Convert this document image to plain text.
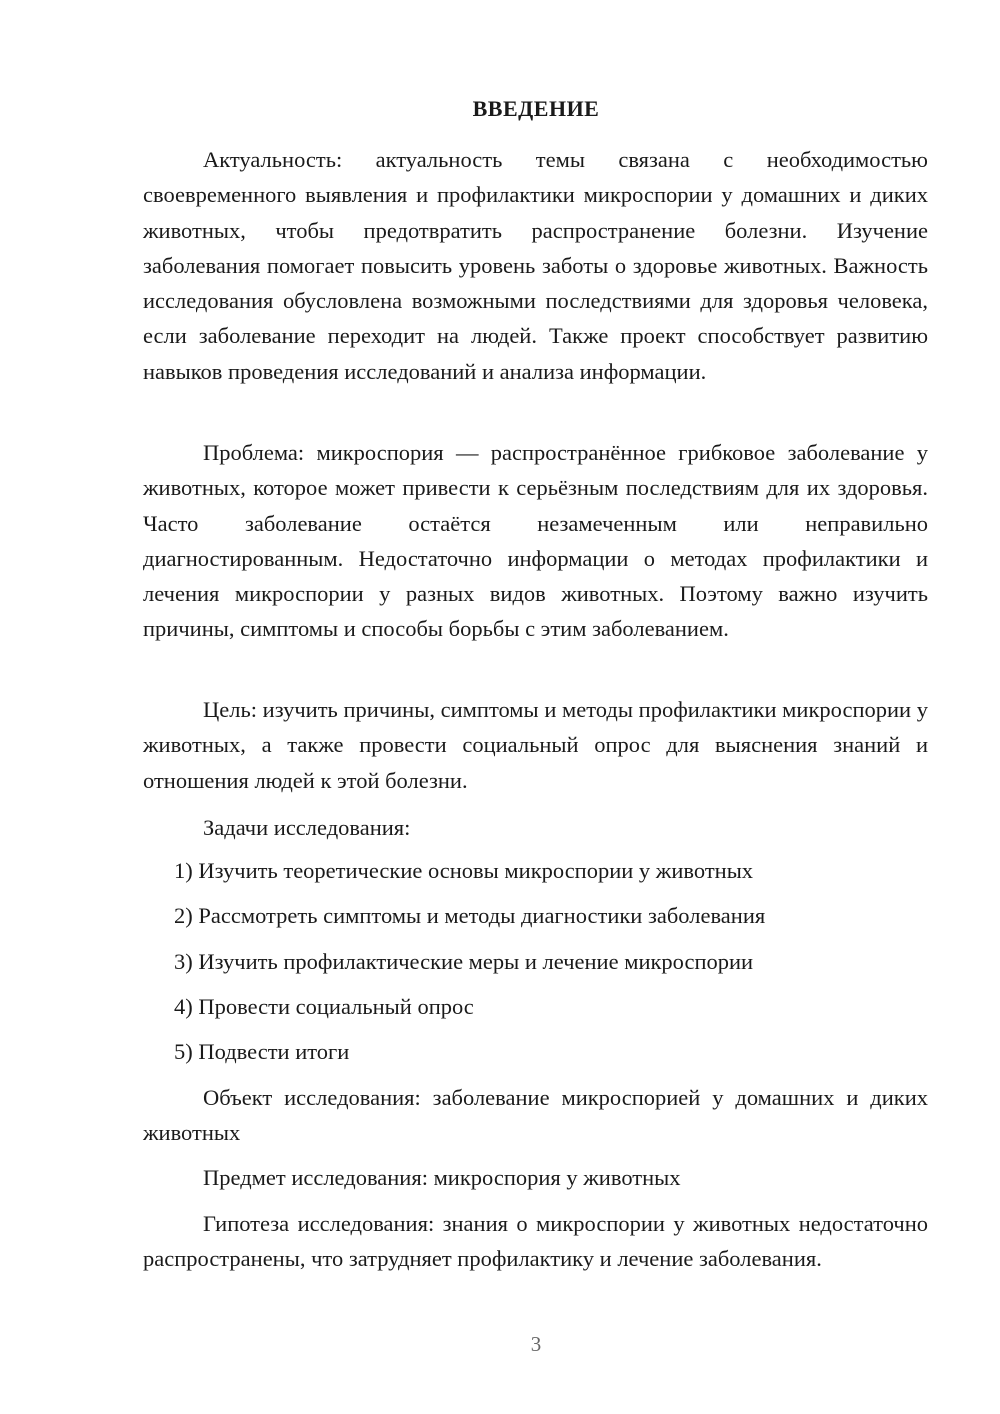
ВВЕДЕНИЕ

Актуальность: актуальность темы связана с необходимостью своевременного выявления и профилактики микроспории у домашних и диких животных, чтобы предотвратить распространение болезни. Изучение заболевания помогает повысить уровень заботы о здоровье животных. Важность исследования обусловлена возможными последствиями для здоровья человека, если заболевание переходит на людей. Также проект способствует развитию навыков проведения исследований и анализа информации.

Проблема: микроспория — распространённое грибковое заболевание у животных, которое может привести к серьёзным последствиям для их здоровья. Часто заболевание остаётся незамеченным или неправильно диагностированным. Недостаточно информации о методах профилактики и лечения микроспории у разных видов животных. Поэтому важно изучить причины, симптомы и способы борьбы с этим заболеванием.

Цель: изучить причины, симптомы и методы профилактики микроспории у животных, а также провести социальный опрос для выяснения знаний и отношения людей к этой болезни.

Задачи исследования:
1) Изучить теоретические основы микроспории у животных
2) Рассмотреть симптомы и методы диагностики заболевания
3) Изучить профилактические меры и лечение микроспории
4) Провести социальный опрос
5) Подвести итоги

Объект исследования: заболевание микроспорией у домашних и диких животных

Предмет исследования: микроспория у животных

Гипотеза исследования: знания о микроспории у животных недостаточно распространены, что затрудняет профилактику и лечение заболевания.

3
